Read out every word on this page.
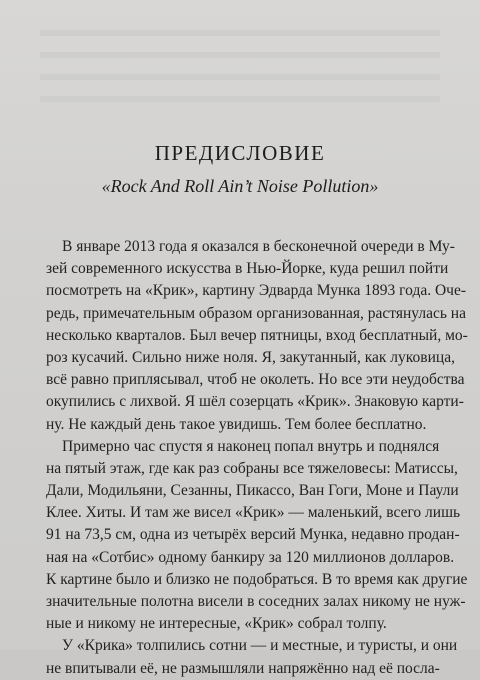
ПРЕДИСЛОВИЕ
«Rock And Roll Ain’t Noise Pollution»
В январе 2013 года я оказался в бесконечной очереди в Му-
зей современного искусства в Нью-Йорке, куда решил пойти
посмотреть на «Крик», картину Эдварда Мунка 1893 года. Оче-
редь, примечательным образом организованная, растянулась на
несколько кварталов. Был вечер пятницы, вход бесплатный, мо-
роз кусачий. Сильно ниже ноля. Я, закутанный, как луковица,
всё равно приплясывал, чтоб не околеть. Но все эти неудобства
окупились с лихвой. Я шёл созерцать «Крик». Знаковую карти-
ну. Не каждый день такое увидишь. Тем более бесплатно.
Примерно час спустя я наконец попал внутрь и поднялся
на пятый этаж, где как раз собраны все тяжеловесы: Матиссы,
Дали, Модильяни, Сезанны, Пикассо, Ван Гоги, Моне и Паули
Клее. Хиты. И там же висел «Крик» — маленький, всего лишь
91 на 73,5 см, одна из четырёх версий Мунка, недавно продан-
ная на «Сотбис» одному банкиру за 120 миллионов долларов.
К картине было и близко не подобраться. В то время как другие
значительные полотна висели в соседних залах никому не нуж-
ные и никому не интересные, «Крик» собрал толпу.
У «Крика» толпились сотни — и местные, и туристы, и они
не впитывали её, не размышляли напряжённо над её посла-
